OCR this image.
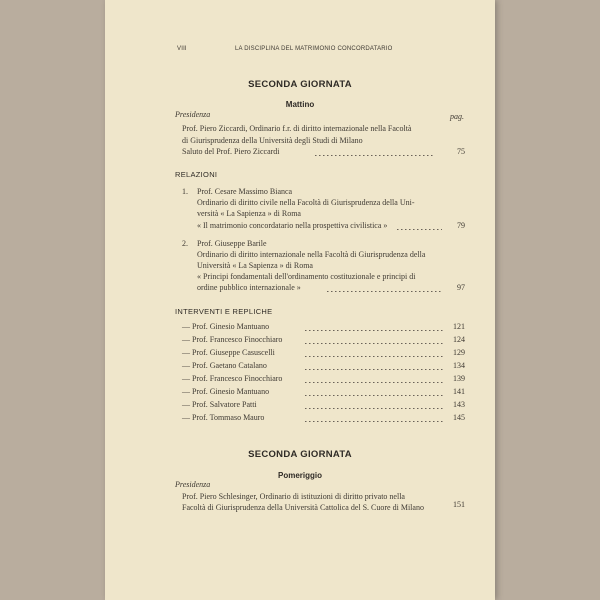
VIII	LA DISCIPLINA DEL MATRIMONIO CONCORDATARIO
SECONDA GIORNATA
Mattino
Presidenza	pag.
Prof. Piero Ziccardi, Ordinario f.r. di diritto internazionale nella Facoltà
di Giurisprudenza della Università degli Studi di Milano
Saluto del Prof. Piero Ziccardi	75
RELAZIONI
1. Prof. Cesare Massimo Bianca
Ordinario di diritto civile nella Facoltà di Giurisprudenza della Uni-
versità « La Sapienza » di Roma
« Il matrimonio concordatario nella prospettiva civilistica »	79
2. Prof. Giuseppe Barile
Ordinario di diritto internazionale nella Facoltà di Giurisprudenza della
Università « La Sapienza » di Roma
« Principi fondamentali dell'ordinamento costituzionale e principi di
ordine pubblico internazionale »	97
INTERVENTI E REPLICHE
— Prof. Ginesio Mantuano	121
— Prof. Francesco Finocchiaro	124
— Prof. Giuseppe Casuscelli	129
— Prof. Gaetano Catalano	134
— Prof. Francesco Finocchiaro	139
— Prof. Ginesio Mantuano	141
— Prof. Salvatore Patti	143
— Prof. Tommaso Mauro	145
SECONDA GIORNATA
Pomeriggio
Presidenza
Prof. Piero Schlesinger, Ordinario di istituzioni di diritto privato nella
Facoltà di Giurisprudenza della Università Cattolica del S. Cuore di Milano	151
